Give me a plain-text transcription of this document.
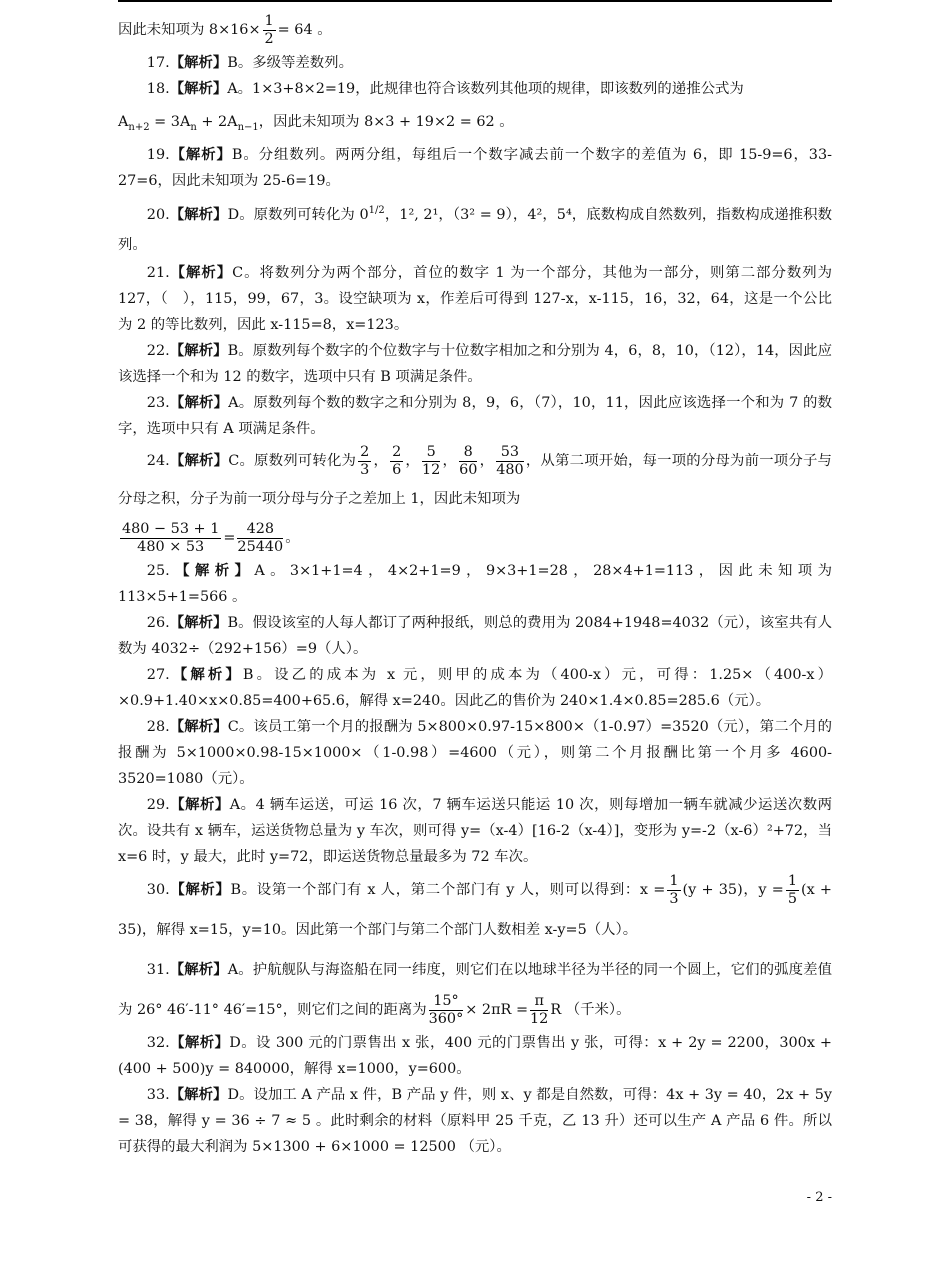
因此未知项为 $8\times 16\times \frac{1}{2} = 64$ 。

17.【解析】B。多级等差数列。

18.【解析】A。1×3+8×2=19，此规律也符合该数列其他项的规律，即该数列的递推公式为

$A_{n+2} = 3A_n + 2A_{n-1}$，因此未知项为 8×3 + 19×2 = 62 。

19.【解析】B。分组数列。两两分组，每组后一个数字减去前一个数字的差值为 6，即 15-9=6，33-27=6，因此未知项为 25-6=19。

20.【解析】D。原数列可转化为 $0^{1/2}$，1², 2¹，（3² = 9），4²，5⁴，底数构成自然数列，指数构成递推积数列。

21.【解析】C。将数列分为两个部分，首位的数字 1 为一个部分，其他为一部分，则第二部分数列为 127，（　），115，99，67，3。设空缺项为 x，作差后可得到 127-x，x-115，16，32，64，这是一个公比为 2 的等比数列，因此 x-115=8，x=123。

22.【解析】B。原数列每个数字的个位数字与十位数字相加之和分别为 4，6，8，10，（12），14，因此应该选择一个和为 12 的数字，选项中只有 B 项满足条件。

23.【解析】A。原数列每个数的数字之和分别为 8，9，6，（7），10，11，因此应该选择一个和为 7 的数字，选项中只有 A 项满足条件。

24.【解析】C。原数列可转化为 $\frac{2}{3}$ ， $\frac{2}{6}$ ， $\frac{5}{12}$ ， $\frac{8}{60}$ ， $\frac{53}{480}$ ，从第二项开始，每一项的分母为前一项分子与分母之积，分子为前一项分母与分子之差加上 1，因此未知项为

$\frac{480 - 53 + 1}{480 \times 53} = \frac{428}{25440}$ 。

25.【解析】A。3×1+1=4，4×2+1=9，9×3+1=28，28×4+1=113，因此未知项为 113×5+1=566 。

26.【解析】B。假设该室的人每人都订了两种报纸，则总的费用为 2084+1948=4032（元），该室共有人数为 4032÷（292+156）=9（人）。

27.【解析】B。设乙的成本为 x 元，则甲的成本为（400-x）元，可得：1.25×（400-x）×0.9+1.40×x×0.85=400+65.6，解得 x=240。因此乙的售价为 240×1.4×0.85=285.6（元）。

28.【解析】C。该员工第一个月的报酬为 5×800×0.97-15×800×（1-0.97）=3520（元），第二个月的报酬为 5×1000×0.98-15×1000×（1-0.98）=4600（元），则第二个月报酬比第一个月多 4600-3520=1080（元）。

29.【解析】A。4 辆车运送，可运 16 次，7 辆车运送只能运 10 次，则每增加一辆车就减少运送次数两次。设共有 x 辆车，运送货物总量为 y 车次，则可得 y=（x-4）[16-2（x-4）]，变形为 y=-2（x-6）²+72，当 x=6 时，y 最大，此时 y=72，即运送货物总量最多为 72 车次。

30.【解析】B。设第一个部门有 x 人，第二个部门有 y 人，则可以得到：$x = \frac{1}{3} (y + 35)$，$y = \frac{1}{5} (x + 35)$，解得 x=15，y=10。因此第一个部门与第二个部门人数相差 x-y=5（人）。

31.【解析】A。护航舰队与海盗船在同一纬度，则它们在以地球半径为半径的同一个圆上，它们的弧度差值为 26° 46′-11° 46′=15°，则它们之间的距离为 $\frac{15^\circ}{360^\circ} \times 2\pi R = \frac{\pi}{12}$ R （千米）。

32.【解析】D。设 300 元的门票售出 x 张，400 元的门票售出 y 张，可得：x + 2y = 2200，300x + (400 + 500)y = 840000，解得 x=1000，y=600。

33.【解析】D。设加工 A 产品 x 件，B 产品 y 件，则 x、y 都是自然数，可得：4x + 3y = 40，2x + 5y = 38，解得 y = 36 ÷ 7 ≈ 5 。此时剩余的材料（原料甲 25 千克，乙 13 升）还可以生产 A 产品 6 件。所以可获得的最大利润为 5×1300 + 6×1000 = 12500 （元）。

- 2 -
